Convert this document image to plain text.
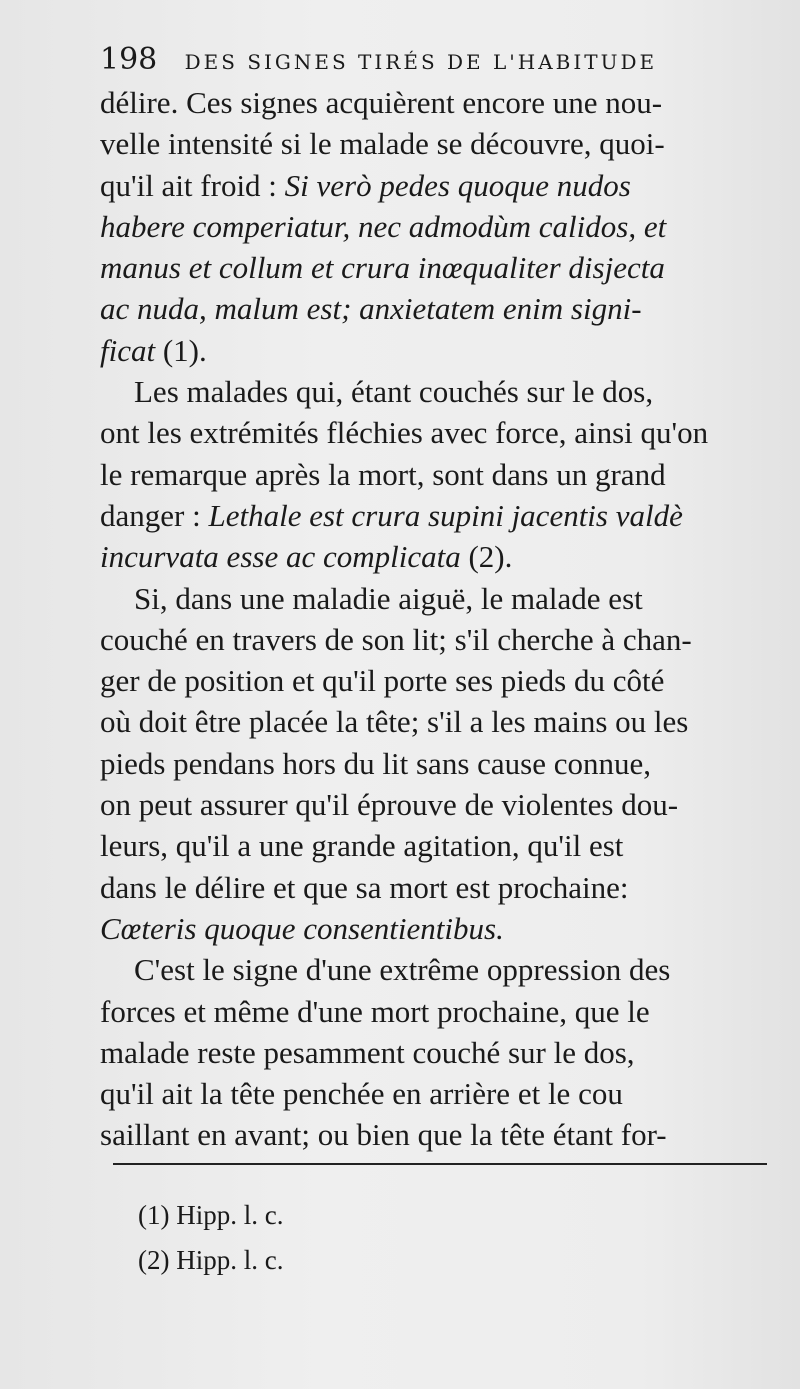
198 DES SIGNES TIRÉS DE L'HABITUDE
délire. Ces signes acquièrent encore une nou-
velle intensité si le malade se découvre, quoi-
qu'il ait froid : Si verò pedes quoque nudos
habere comperiatur, nec admodùm calidos, et
manus et collum et crura inœqualiter disjecta
ac nuda, malum est; anxietatem enim signi-
ficat (1).
Les malades qui, étant couchés sur le dos,
ont les extrémités fléchies avec force, ainsi qu'on
le remarque après la mort, sont dans un grand
danger : Lethale est crura supini jacentis valdè
incurvata esse ac complicata (2).
Si, dans une maladie aiguë, le malade est
couché en travers de son lit; s'il cherche à chan-
ger de position et qu'il porte ses pieds du côté
où doit être placée la tête; s'il a les mains ou les
pieds pendans hors du lit sans cause connue,
on peut assurer qu'il éprouve de violentes dou-
leurs, qu'il a une grande agitation, qu'il est
dans le délire et que sa mort est prochaine:
Cœteris quoque consentientibus.
C'est le signe d'une extrême oppression des
forces et même d'une mort prochaine, que le
malade reste pesamment couché sur le dos,
qu'il ait la tête penchée en arrière et le cou
saillant en avant; ou bien que la tête étant for-
(1) Hipp. l. c.
(2) Hipp. l. c.
